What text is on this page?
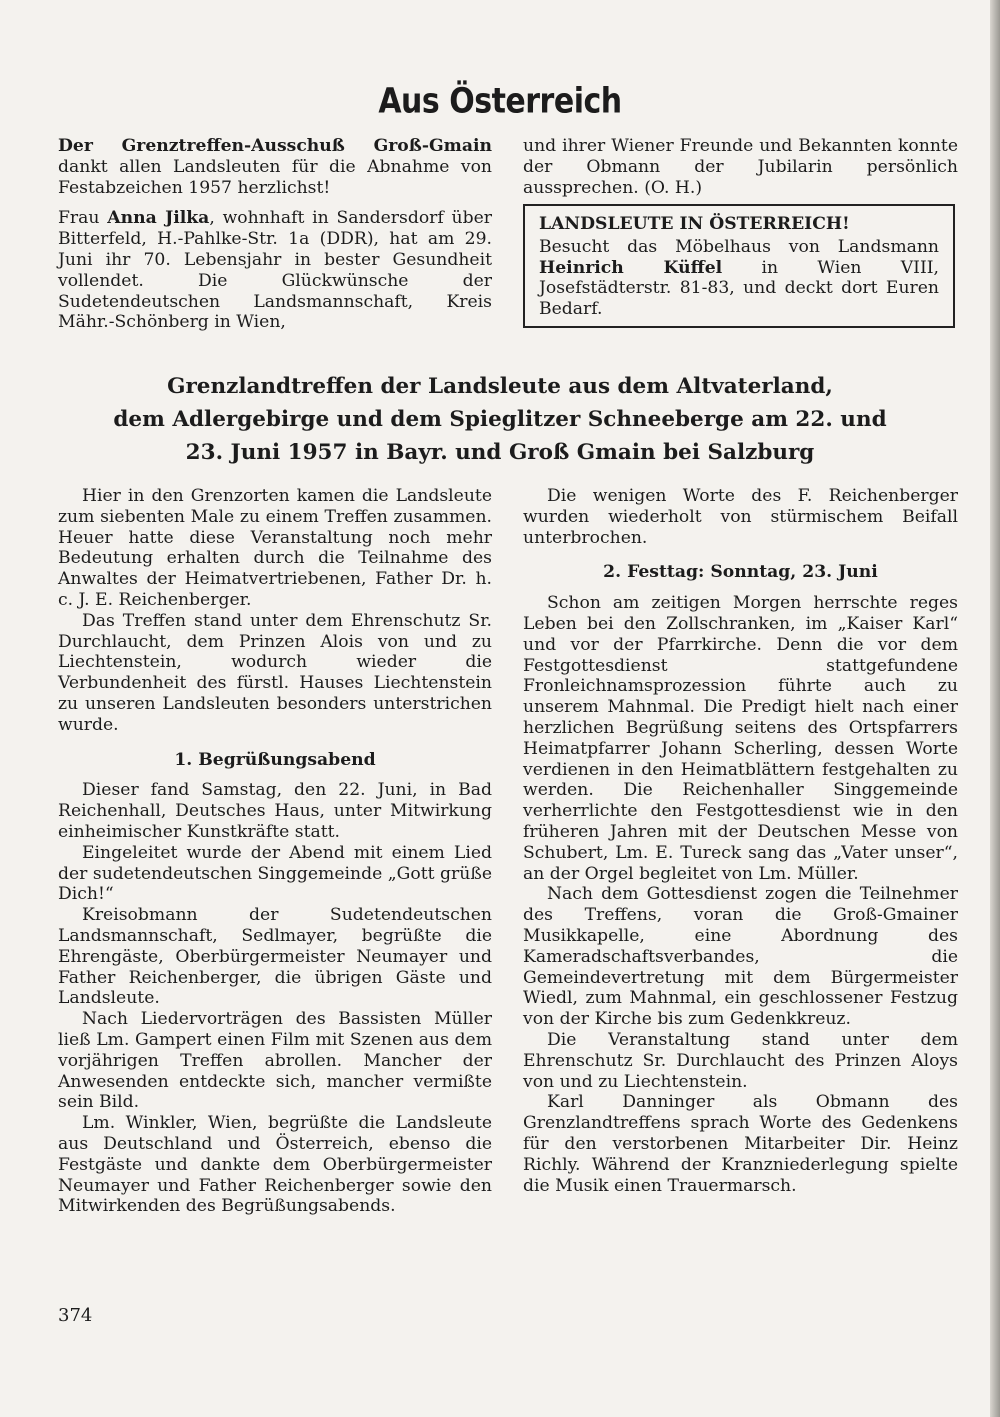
Aus Österreich

Der Grenztreffen-Ausschuß Groß-Gmain dankt allen Landsleuten für die Abnahme von Festabzeichen 1957 herzlichst!

Frau Anna Jilka, wohnhaft in Sandersdorf über Bitterfeld, H.-Pahlke-Str. 1a (DDR), hat am 29. Juni ihr 70. Lebensjahr in bester Gesundheit vollendet. Die Glückwünsche der Sudetendeutschen Landsmannschaft, Kreis Mähr.-Schönberg in Wien,

und ihrer Wiener Freunde und Bekannten konnte der Obmann der Jubilarin persönlich aussprechen. (O. H.)

LANDSLEUTE IN ÖSTERREICH!
Besucht das Möbelhaus von Landsmann Heinrich Küffel in Wien VIII, Josefstädterstr. 81-83, und deckt dort Euren Bedarf.
Grenzlandtreffen der Landsleute aus dem Altvaterland,
dem Adlergebirge und dem Spieglitzer Schneeberge am 22. und
23. Juni 1957 in Bayr. und Groß Gmain bei Salzburg

Hier in den Grenzorten kamen die Landsleute zum siebenten Male zu einem Treffen zusammen. Heuer hatte diese Veranstaltung noch mehr Bedeutung erhalten durch die Teilnahme des Anwaltes der Heimatvertriebenen, Father Dr. h. c. J. E. Reichenberger.

Das Treffen stand unter dem Ehrenschutz Sr. Durchlaucht, dem Prinzen Alois von und zu Liechtenstein, wodurch wieder die Verbundenheit des fürstl. Hauses Liechtenstein zu unseren Landsleuten besonders unterstrichen wurde.

1. Begrüßungsabend

Dieser fand Samstag, den 22. Juni, in Bad Reichenhall, Deutsches Haus, unter Mitwirkung einheimischer Kunstkräfte statt.

Eingeleitet wurde der Abend mit einem Lied der sudetendeutschen Singgemeinde „Gott grüße Dich!“

Kreisobmann der Sudetendeutschen Landsmannschaft, Sedlmayer, begrüßte die Ehrengäste, Oberbürgermeister Neumayer und Father Reichenberger, die übrigen Gäste und Landsleute.

Nach Liedervorträgen des Bassisten Müller ließ Lm. Gampert einen Film mit Szenen aus dem vorjährigen Treffen abrollen. Mancher der Anwesenden entdeckte sich, mancher vermißte sein Bild.

Lm. Winkler, Wien, begrüßte die Landsleute aus Deutschland und Österreich, ebenso die Festgäste und dankte dem Oberbürgermeister Neumayer und Father Reichenberger sowie den Mitwirkenden des Begrüßungsabends.

Die wenigen Worte des F. Reichenberger wurden wiederholt von stürmischem Beifall unterbrochen.

2. Festtag: Sonntag, 23. Juni

Schon am zeitigen Morgen herrschte reges Leben bei den Zollschranken, im „Kaiser Karl“ und vor der Pfarrkirche. Denn die vor dem Festgottesdienst stattgefundene Fronleichnamsprozession führte auch zu unserem Mahnmal. Die Predigt hielt nach einer herzlichen Begrüßung seitens des Ortspfarrers Heimatpfarrer Johann Scherling, dessen Worte verdienen in den Heimatblättern festgehalten zu werden. Die Reichenhaller Singgemeinde verherrlichte den Festgottesdienst wie in den früheren Jahren mit der Deutschen Messe von Schubert, Lm. E. Tureck sang das „Vater unser“, an der Orgel begleitet von Lm. Müller.

Nach dem Gottesdienst zogen die Teilnehmer des Treffens, voran die Groß-Gmainer Musikkapelle, eine Abordnung des Kameradschaftsverbandes, die Gemeindevertretung mit dem Bürgermeister Wiedl, zum Mahnmal, ein geschlossener Festzug von der Kirche bis zum Gedenkkreuz.

Die Veranstaltung stand unter dem Ehrenschutz Sr. Durchlaucht des Prinzen Aloys von und zu Liechtenstein.

Karl Danninger als Obmann des Grenzlandtreffens sprach Worte des Gedenkens für den verstorbenen Mitarbeiter Dir. Heinz Richly. Während der Kranzniederlegung spielte die Musik einen Trauermarsch.

374
